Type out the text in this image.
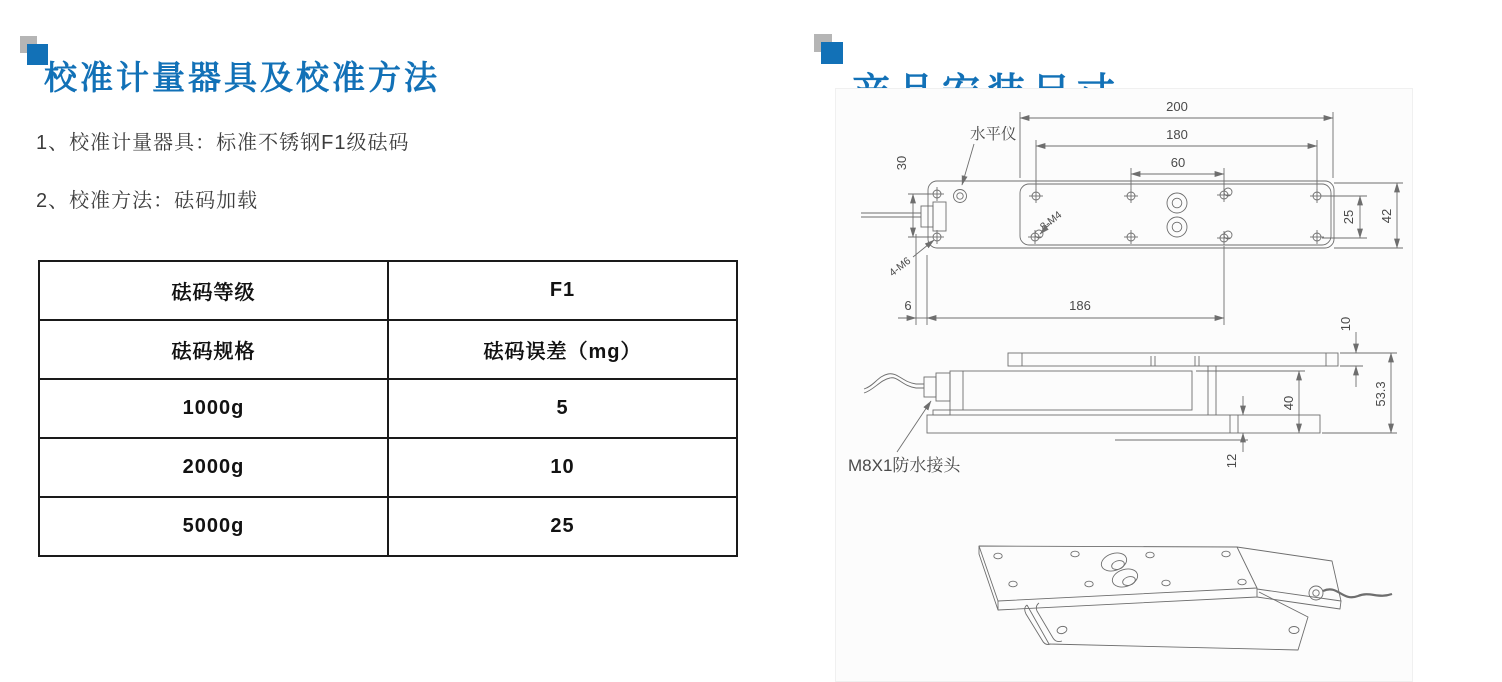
校准计量器具及校准方法
1、校准计量器具：标准不锈钢F1级砝码
2、校准方法：砝码加载
砝码等级	F1
砝码规格	砝码误差（mg）
1000g	5
2000g	10
5000g	25
水平仪
4-M6
8-M4
200
180
60
30
25 42
6	186
M8X1防水接头
10
53.3
40
12
